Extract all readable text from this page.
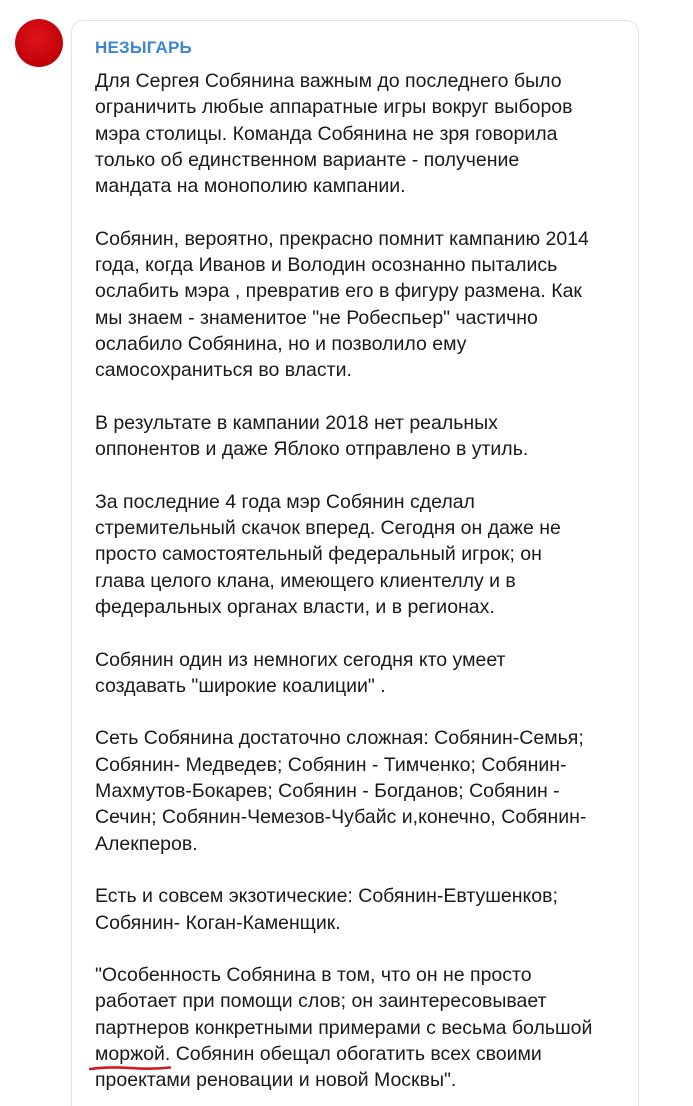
НЕЗЫГАРЬ

Для Сергея Собянина важным до последнего было
ограничить любые аппаратные игры вокруг выборов
мэра столицы. Команда Собянина не зря говорила
только об единственном варианте - получение
мандата на монополию кампании.

Собянин, вероятно, прекрасно помнит кампанию 2014
года, когда Иванов и Володин осознанно пытались
ослабить мэра , превратив его в фигуру размена. Как
мы знаем - знаменитое "не Робеспьер" частично
ослабило Собянина, но и позволило ему
самосохраниться во власти.

В результате в кампании 2018 нет реальных
оппонентов и даже Яблоко отправлено в утиль.

За последние 4 года мэр Собянин сделал
стремительный скачок вперед. Сегодня он даже не
просто самостоятельный федеральный игрок; он
глава целого клана, имеющего клиентеллу и в
федеральных органах власти, и в регионах.

Собянин один из немногих сегодня кто умеет
создавать "широкие коалиции" .

Сеть Собянина достаточно сложная: Собянин-Семья;
Собянин- Медведев; Собянин - Тимченко; Собянин-
Махмутов-Бокарев; Собянин - Богданов; Собянин -
Сечин; Собянин-Чемезов-Чубайс и,конечно, Собянин-
Алекперов.

Есть и совсем экзотические: Собянин-Евтушенков;
Собянин- Коган-Каменщик.

"Особенность Собянина в том, что он не просто
работает при помощи слов; он заинтересовывает
партнеров конкретными примерами с весьма большой
моржой. Собянин обещал обогатить всех своими
проектами реновации и новой Москвы".
